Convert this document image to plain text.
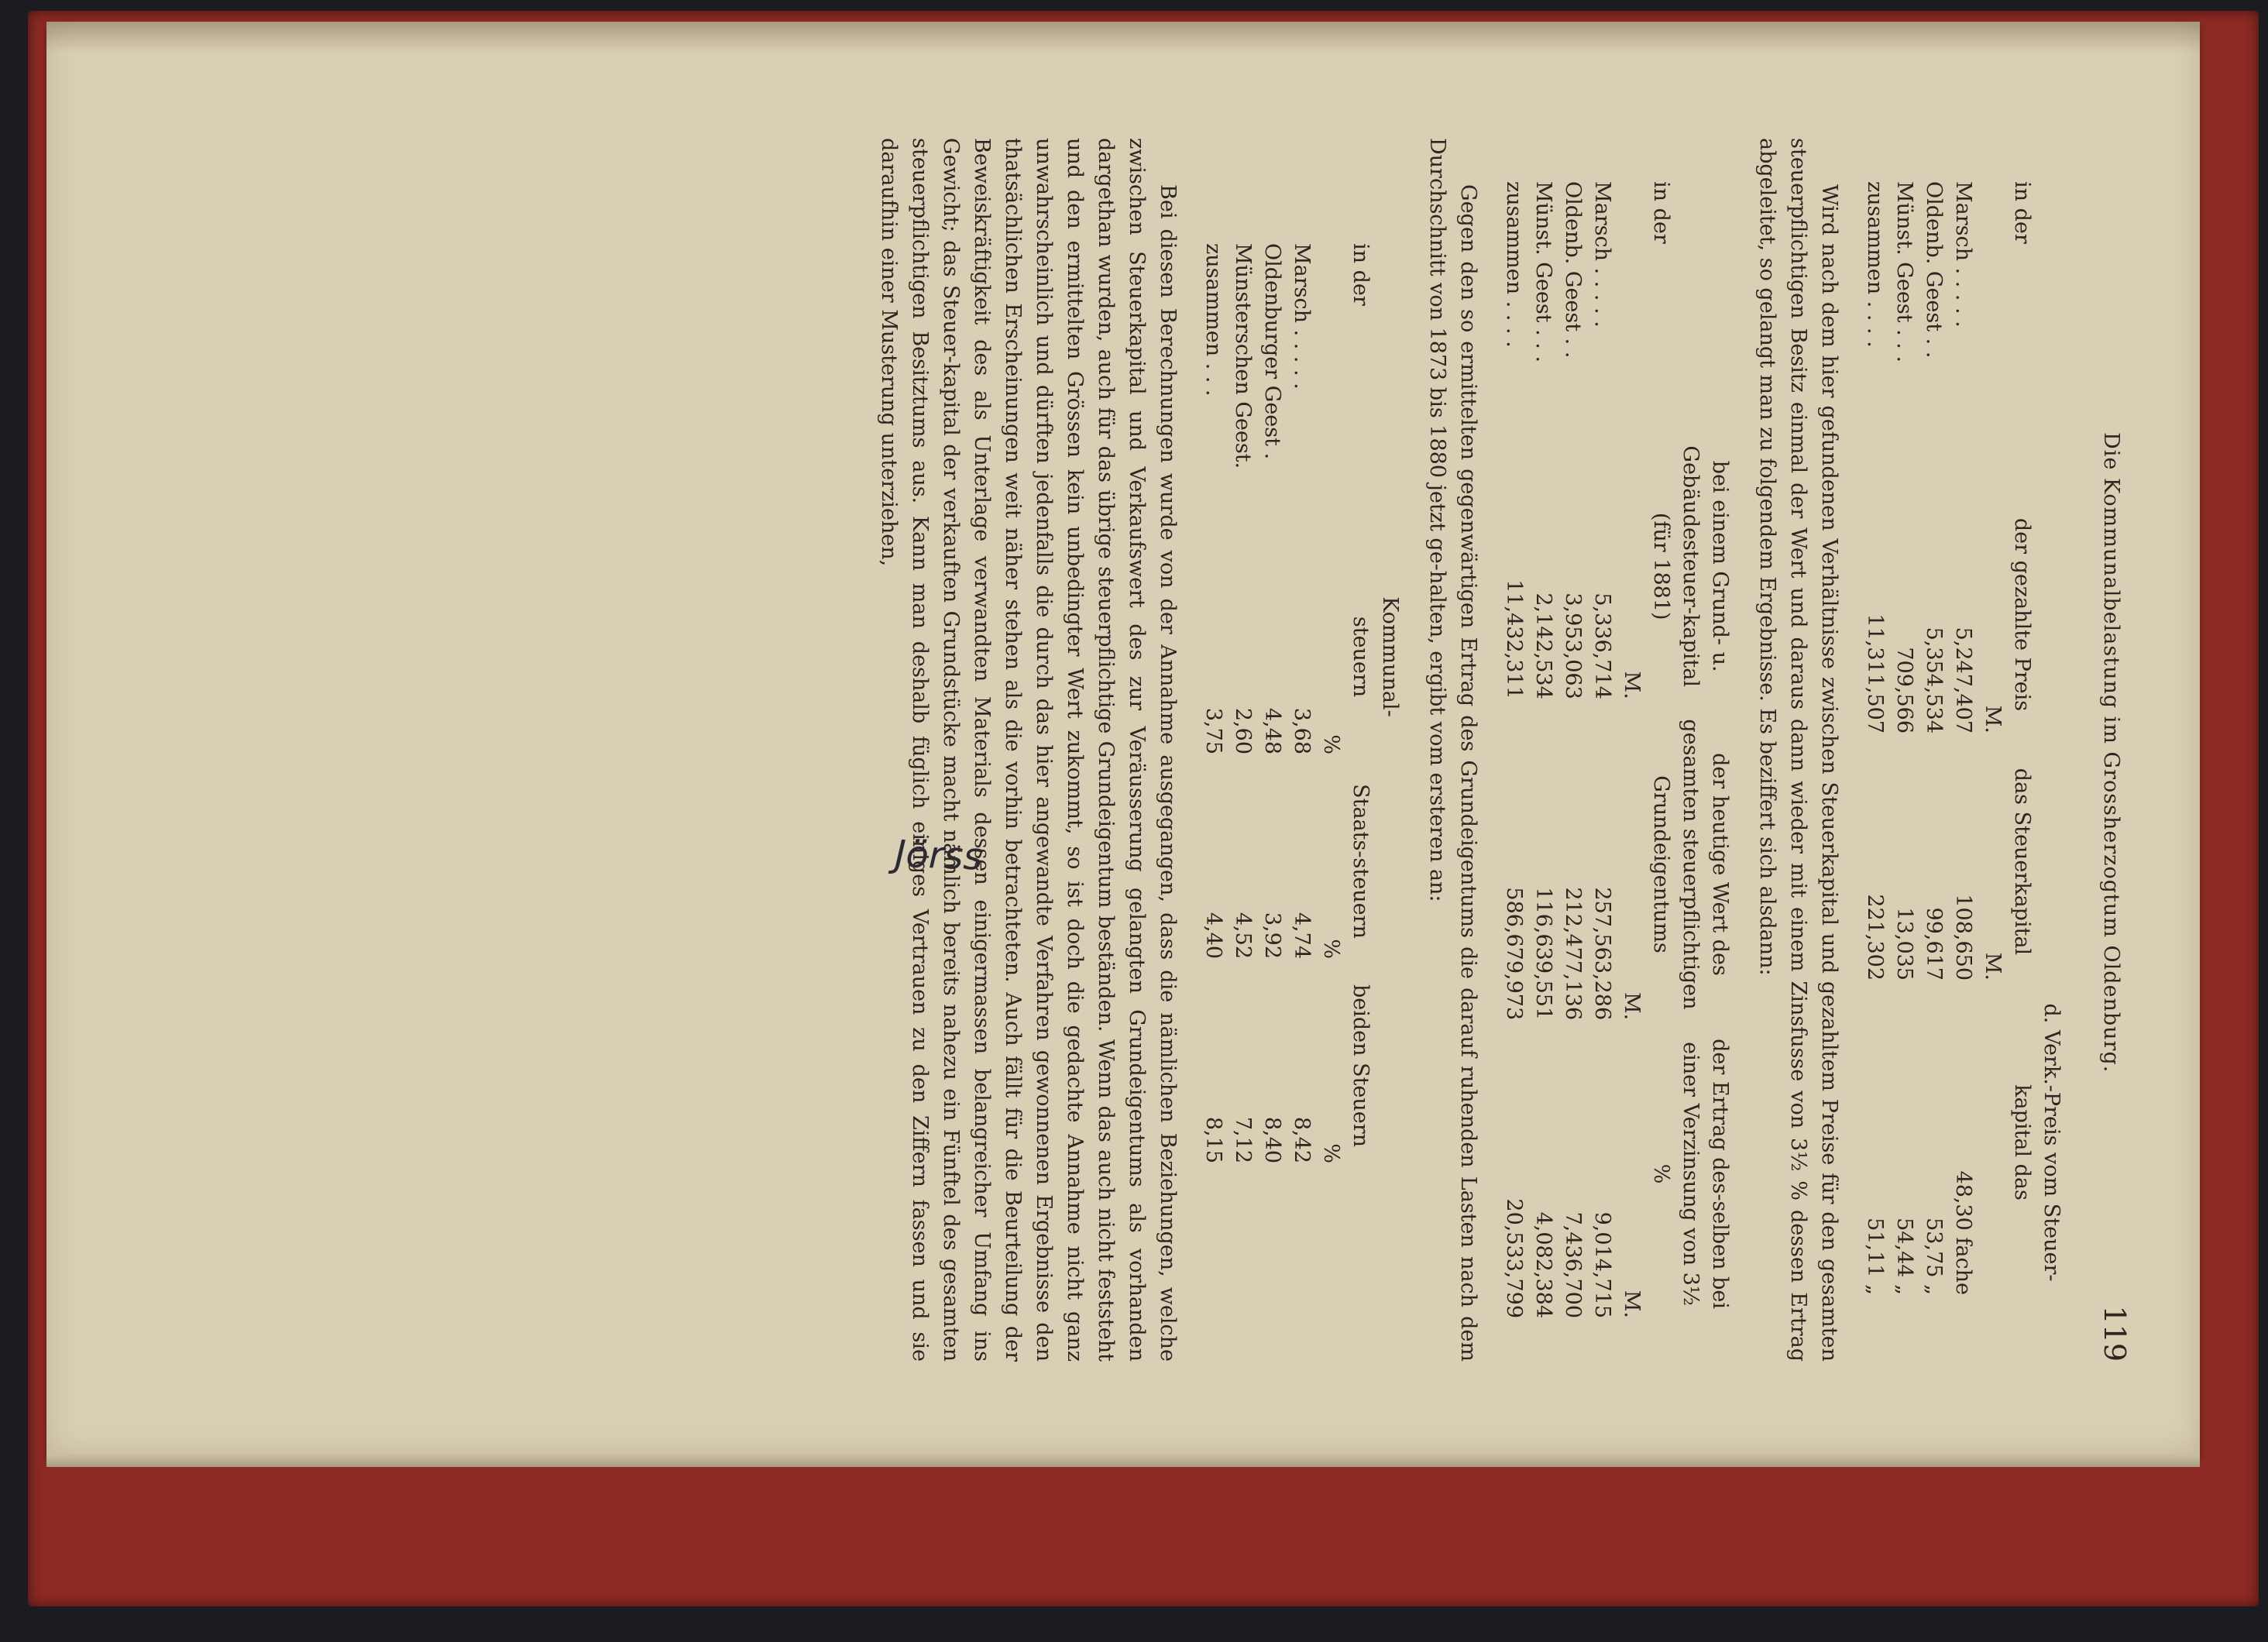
Die Kommunalbelastung im Grossherzogtum Oldenburg.
119
in der	der gezahlte Preis	das Steuerkapital	d. Verk.-Preis vom Steuer-kapital das
	M.	M.	
Marsch . . . . .	5,247,407	108,650	48,30 fache
Oldenb. Geest . .	5,354,534	99,617	53,75 „
Münst. Geest . . .	709,566	13,035	54,44 „
zusammen . . . .	11,311,507	221,302	51,11 „

Wird nach dem hier gefundenen Verhältnisse zwischen Steuerkapital und gezahltem Preise für den gesamten steuerpflichtigen Besitz einmal der Wert und daraus dann wieder mit einem Zinsfusse von 3½ % dessen Ertrag abgeleitet, so gelangt man zu folgendem Ergebnisse. Es beziffert sich alsdann:

in der	bei einem Grund- u. Gebäudesteuer-kapital (für 1881)	der heutige Wert des gesamten steuerpflichtigen Grundeigentums	der Ertrag des-selben bei einer Verzinsung von 3½ %
	M.	M.	M.
Marsch . . . . .	5,336,714	257,563,286	9,014,715
Oldenb. Geest . .	3,953,063	212,477,136	7,436,700
Münst. Geest . . .	2,142,534	116,639,551	4,082,384
zusammen . . . .	11,432,311	586,679,973	20,533,799

Gegen den so ermittelten gegenwärtigen Ertrag des Grundeigentums die darauf ruhenden Lasten nach dem Durchschnitt von 1873 bis 1880 jetzt ge-halten, ergibt vom ersteren an:

in der	Kommunal-steuern	Staats-steuern	beiden Steuern
	%	%	%
Marsch . . . . .	3,68	4,74	8,42
Oldenburger Geest .	4,48	3,92	8,40
Münsterschen Geest.	2,60	4,52	7,12
zusammen . . .	3,75	4,40	8,15

Bei diesen Berechnungen wurde von der Annahme ausgegangen, dass die nämlichen Beziehungen, welche zwischen Steuerkapital und Verkaufswert des zur Veräusserung gelangten Grundeigentums als vorhanden dargethan wurden, auch für das übrige steuerpflichtige Grundeigentum beständen. Wenn das auch nicht feststeht und den ermittelten Grössen kein unbedingter Wert zukommt, so ist doch die gedachte Annahme nicht ganz unwahrscheinlich und dürften jedenfalls die durch das hier angewandte Verfahren gewonnenen Ergebnisse den thatsächlichen Erscheinungen weit näher stehen als die vorhin betrachteten. Auch fällt für die Beurteilung der Beweiskräftigkeit des als Unterlage verwandten Materials dessen einigermassen belangreicher Umfang ins Gewicht; das Steuer-kapital der verkauften Grundstücke macht nämlich bereits nahezu ein Fünftel des gesamten steuerpflichtigen Besitztums aus. Kann man deshalb füglich einiges Vertrauen zu den Ziffern fassen und sie daraufhin einer Musterung unterziehen,

Jörss
